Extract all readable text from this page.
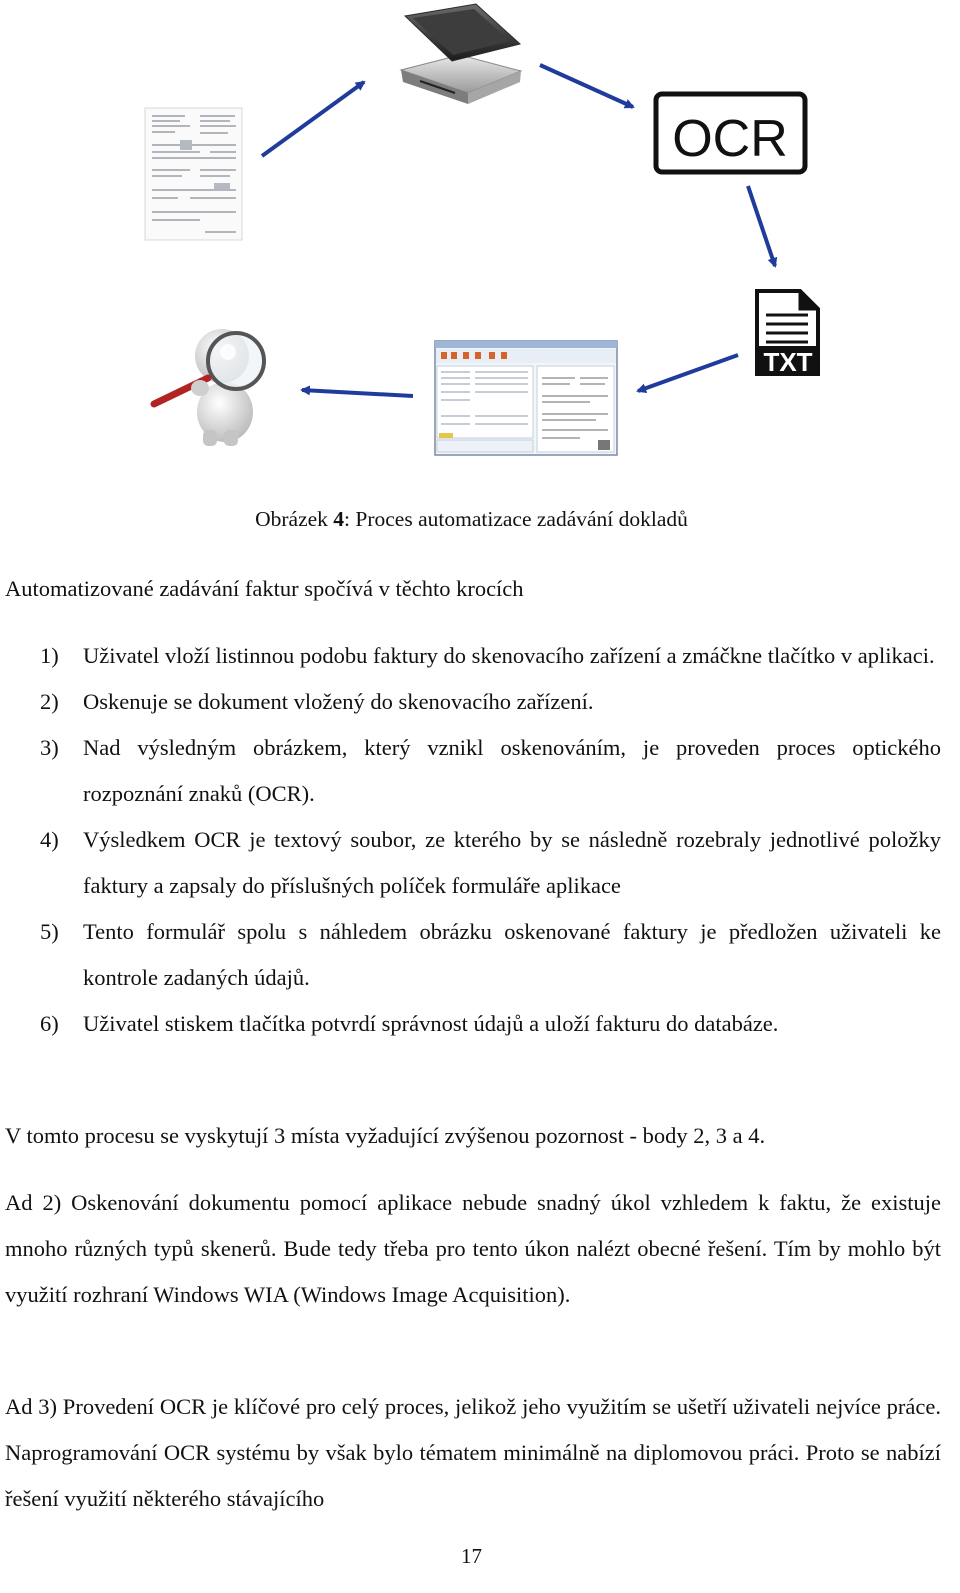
OCR
TXT
Obrázek 4: Proces automatizace zadávání dokladů
Automatizované zadávání faktur spočívá v těchto krocích
1) Uživatel vloží listinnou podobu faktury do skenovacího zařízení a zmáčkne tlačítko v aplikaci.
2) Oskenuje se dokument vložený do skenovacího zařízení.
3) Nad výsledným obrázkem, který vznikl oskenováním, je proveden proces optického rozpoznání znaků (OCR).
4) Výsledkem OCR je textový soubor, ze kterého by se následně rozebraly jednotlivé položky faktury a zapsaly do příslušných políček formuláře aplikace
5) Tento formulář spolu s náhledem obrázku oskenované faktury je předložen uživateli ke kontrole zadaných údajů.
6) Uživatel stiskem tlačítka potvrdí správnost údajů a uloží fakturu do databáze.
V tomto procesu se vyskytují 3 místa vyžadující zvýšenou pozornost - body 2, 3 a 4.
Ad 2) Oskenování dokumentu pomocí aplikace nebude snadný úkol vzhledem k faktu, že existuje mnoho různých typů skenerů. Bude tedy třeba pro tento úkon nalézt obecné řešení. Tím by mohlo být využití rozhraní Windows WIA (Windows Image Acquisition).
Ad 3) Provedení OCR je klíčové pro celý proces, jelikož jeho využitím se ušetří uživateli nejvíce práce. Naprogramování OCR systému by však bylo tématem minimálně na diplomovou práci. Proto se nabízí řešení využití některého stávajícího
17
